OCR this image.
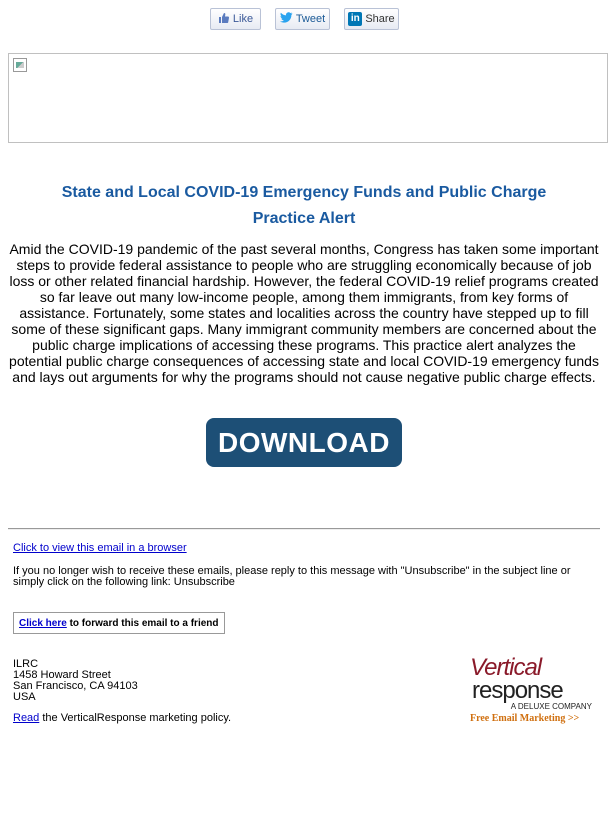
Like	Tweet	in Share
State and Local COVID-19 Emergency Funds and Public Charge
Practice Alert
Amid the COVID-19 pandemic of the past several months, Congress has taken some important steps to provide federal assistance to people who are struggling economically because of job loss or other related financial hardship. However, the federal COVID-19 relief programs created so far leave out many low-income people, among them immigrants, from key forms of assistance. Fortunately, some states and localities across the country have stepped up to fill some of these significant gaps. Many immigrant community members are concerned about the public charge implications of accessing these programs. This practice alert analyzes the potential public charge consequences of accessing state and local COVID-19 emergency funds and lays out arguments for why the programs should not cause negative public charge effects.
DOWNLOAD
Click to view this email in a browser
If you no longer wish to receive these emails, please reply to this message with "Unsubscribe" in the subject line or simply click on the following link: Unsubscribe
Click here to forward this email to a friend
ILRC
1458 Howard Street
San Francisco, CA 94103
USA
Read the VerticalResponse marketing policy.
Vertical
response
A DELUXE COMPANY
Free Email Marketing >>
